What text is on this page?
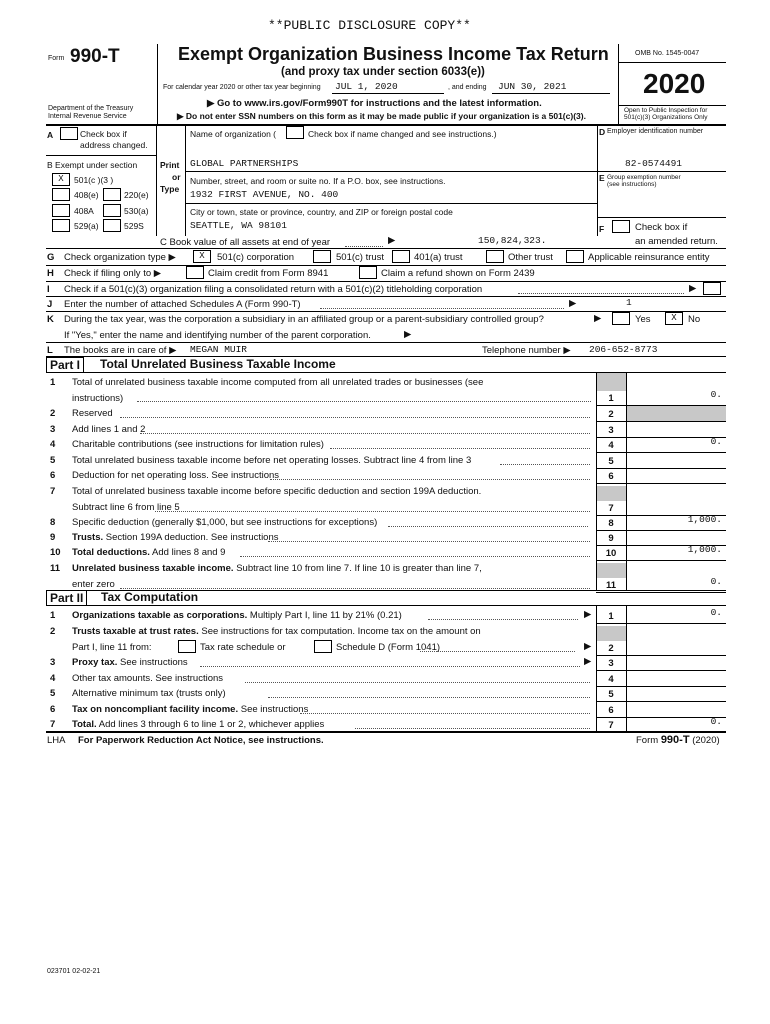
**PUBLIC DISCLOSURE COPY**
Form 990-T
Department of the Treasury
Internal Revenue Service
Exempt Organization Business Income Tax Return
(and proxy tax under section 6033(e))
For calendar year 2020 or other tax year beginning JUL 1, 2020	, and ending JUN 30, 2021
▶ Go to www.irs.gov/Form990T for instructions and the latest information.
▶ Do not enter SSN numbers on this form as it may be made public if your organization is a 501(c)(3).
OMB No. 1545-0047
2020
Open to Public Inspection for
501(c)(3) Organizations Only
A	Check box if
address changed.
B Exempt under section
X	501(c )(3 )
408(e)	220(e)
408A	530(a)
529(a)	529S
Print
or
Type
Name of organization (	Check box if name changed and see instructions.)
GLOBAL PARTNERSHIPS
Number, street, and room or suite no. If a P.O. box, see instructions.
1932 FIRST AVENUE, NO. 400
City or town, state or province, country, and ZIP or foreign postal code
SEATTLE, WA 98101
D Employer identification number
82-0574491
E Group exemption number
(see instructions)
F	Check box if
an amended return.
C Book value of all assets at end of year	▶	150,824,323.
G Check organization type ▶	X	501(c) corporation	501(c) trust	401(a) trust	Other trust	Applicable reinsurance entity
H Check if filing only to ▶	Claim credit from Form 8941	Claim a refund shown on Form 2439
I Check if a 501(c)(3) organization filing a consolidated return with a 501(c)(2) titleholding corporation	▶
J Enter the number of attached Schedules A (Form 990-T)	▶	1
K During the tax year, was the corporation a subsidiary in an affiliated group or a parent-subsidiary controlled group?	▶	Yes	X	No
If "Yes," enter the name and identifying number of the parent corporation.	▶
L The books are in care of ▶ MEGAN MUIR	Telephone number ▶ 206-652-8773
Part I	Total Unrelated Business Taxable Income
1 Total of unrelated business taxable income computed from all unrelated trades or businesses (see
instructions)	1	0.
2 Reserved	2
3 Add lines 1 and 2	3
4 Charitable contributions (see instructions for limitation rules)	4	0.
5 Total unrelated business taxable income before net operating losses. Subtract line 4 from line 3	5
6 Deduction for net operating loss. See instructions	6
7 Total of unrelated business taxable income before specific deduction and section 199A deduction.
Subtract line 6 from line 5	7
8 Specific deduction (generally $1,000, but see instructions for exceptions)	8	1,000.
9 Trusts. Section 199A deduction. See instructions	9
10 Total deductions. Add lines 8 and 9	10	1,000.
11 Unrelated business taxable income. Subtract line 10 from line 7. If line 10 is greater than line 7,
enter zero	11	0.
Part II	Tax Computation
1 Organizations taxable as corporations. Multiply Part I, line 11 by 21% (0.21)	▶	1	0.
2 Trusts taxable at trust rates. See instructions for tax computation. Income tax on the amount on
Part I, line 11 from:	Tax rate schedule or	Schedule D (Form 1041)	▶	2
3 Proxy tax. See instructions	▶	3
4 Other tax amounts. See instructions	4
5 Alternative minimum tax (trusts only)	5
6 Tax on noncompliant facility income. See instructions	6
7 Total. Add lines 3 through 6 to line 1 or 2, whichever applies	7	0.
LHA For Paperwork Reduction Act Notice, see instructions.	Form 990-T (2020)
023701 02-02-21
